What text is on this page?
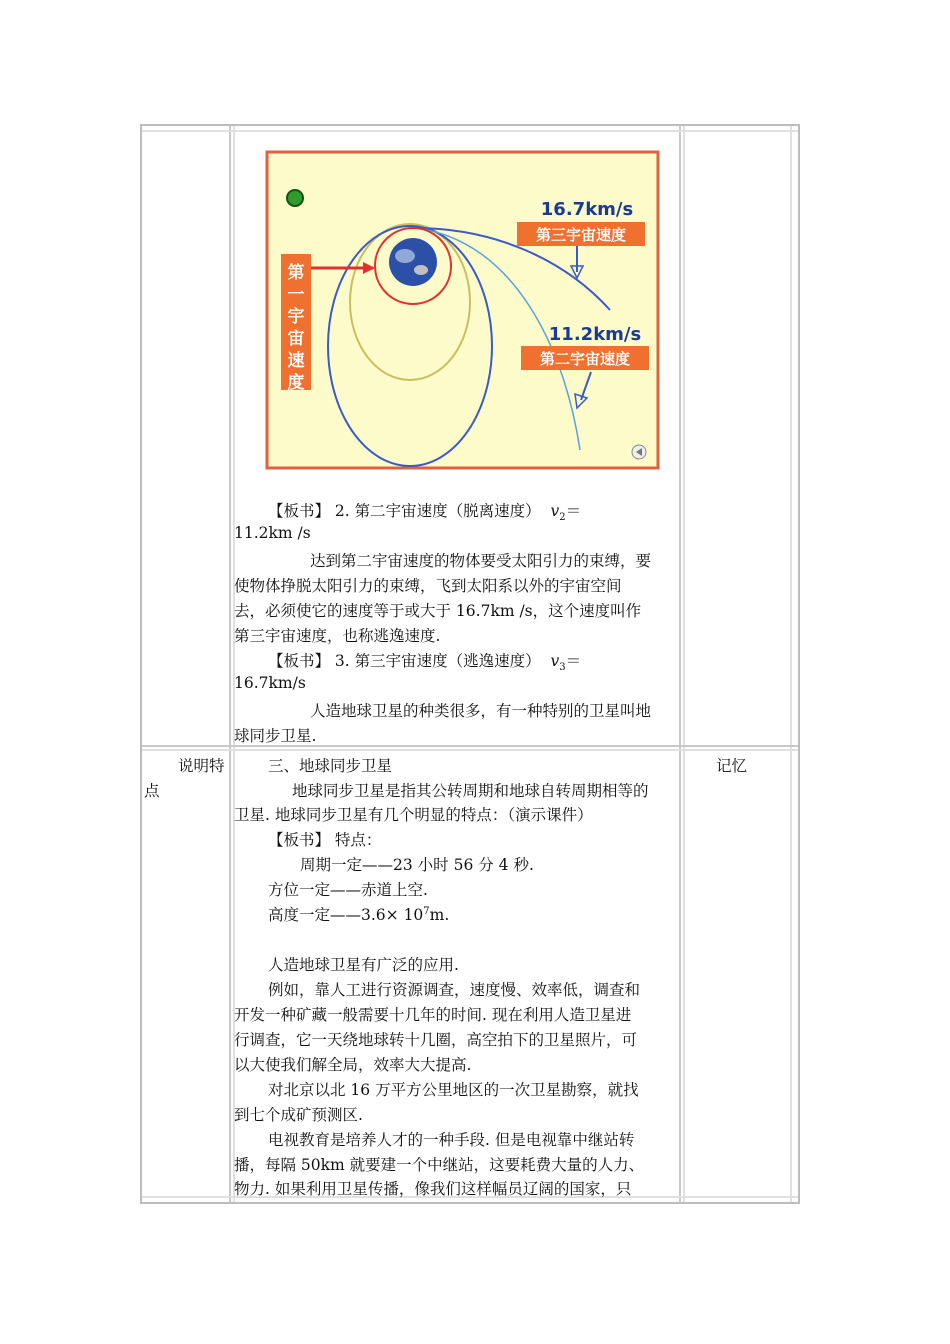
第
一
宇
宙
速
度
16.7km/s
第三宇宙速度
11.2km/s
第二宇宙速度
【板书】 2. 第二宇宙速度（脱离速度） $v_2=$
11.2km /s
达到第二宇宙速度的物体要受太阳引力的束缚，要
使物体挣脱太阳引力的束缚，飞到太阳系以外的宇宙空间
去，必须使它的速度等于或大于 16.7km /s，这个速度叫作
第三宇宙速度，也称逃逸速度.
【板书】 3. 第三宇宙速度（逃逸速度） $v_3=$
16.7km/s
人造地球卫星的种类很多，有一种特别的卫星叫地
球同步卫星.
说明特
点
记忆
三、地球同步卫星
地球同步卫星是指其公转周期和地球自转周期相等的
卫星. 地球同步卫星有几个明显的特点：（演示课件）
【板书】 特点：
周期一定——23 小时 56 分 4 秒.
方位一定——赤道上空.
高度一定——3.6× $10^7m$.
人造地球卫星有广泛的应用.
例如，靠人工进行资源调查，速度慢、效率低，调查和
开发一种矿藏一般需要十几年的时间. 现在利用人造卫星进
行调查，它一天绕地球转十几圈，高空拍下的卫星照片，可
以大使我们解全局，效率大大提高.
对北京以北 16 万平方公里地区的一次卫星勘察，就找
到七个成矿预测区.
电视教育是培养人才的一种手段. 但是电视靠中继站转
播，每隔 50km 就要建一个中继站，这要耗费大量的人力、
物力. 如果利用卫星传播，像我们这样幅员辽阔的国家，只
